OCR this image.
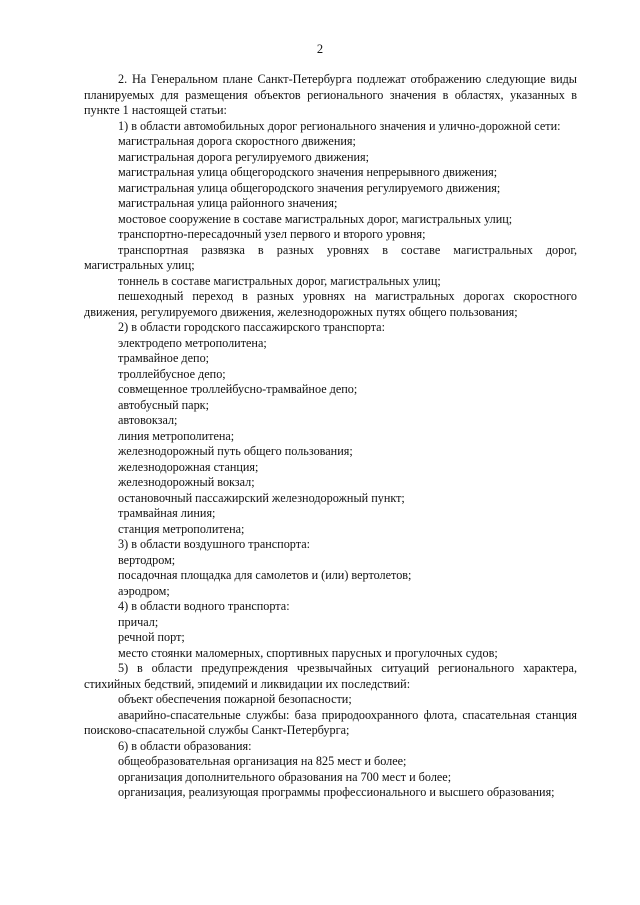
2

2. На Генеральном плане Санкт-Петербурга подлежат отображению следующие виды планируемых для размещения объектов регионального значения в областях, указанных в пункте 1 настоящей статьи:

1) в области автомобильных дорог регионального значения и улично-дорожной сети:

магистральная дорога скоростного движения;

магистральная дорога регулируемого движения;

магистральная улица общегородского значения непрерывного движения;

магистральная улица общегородского значения регулируемого движения;

магистральная улица районного значения;

мостовое сооружение в составе магистральных дорог, магистральных улиц;

транспортно-пересадочный узел первого и второго уровня;

транспортная развязка в разных уровнях в составе магистральных дорог, магистральных улиц;

тоннель в составе магистральных дорог, магистральных улиц;

пешеходный переход в разных уровнях на магистральных дорогах скоростного движения, регулируемого движения, железнодорожных путях общего пользования;

2) в области городского пассажирского транспорта:

электродепо метрополитена;

трамвайное депо;

троллейбусное депо;

совмещенное троллейбусно-трамвайное депо;

автобусный парк;

автовокзал;

линия метрополитена;

железнодорожный путь общего пользования;

железнодорожная станция;

железнодорожный вокзал;

остановочный пассажирский железнодорожный пункт;

трамвайная линия;

станция метрополитена;

3) в области воздушного транспорта:

вертодром;

посадочная площадка для самолетов и (или) вертолетов;

аэродром;

4) в области водного транспорта:

причал;

речной порт;

место стоянки маломерных, спортивных парусных и прогулочных судов;

5) в области предупреждения чрезвычайных ситуаций регионального характера, стихийных бедствий, эпидемий и ликвидации их последствий:

объект обеспечения пожарной безопасности;

аварийно-спасательные службы: база природоохранного флота, спасательная станция поисково-спасательной службы Санкт-Петербурга;

6) в области образования:

общеобразовательная организация на 825 мест и более;

организация дополнительного образования на 700 мест и более;

организация, реализующая программы профессионального и высшего образования;
